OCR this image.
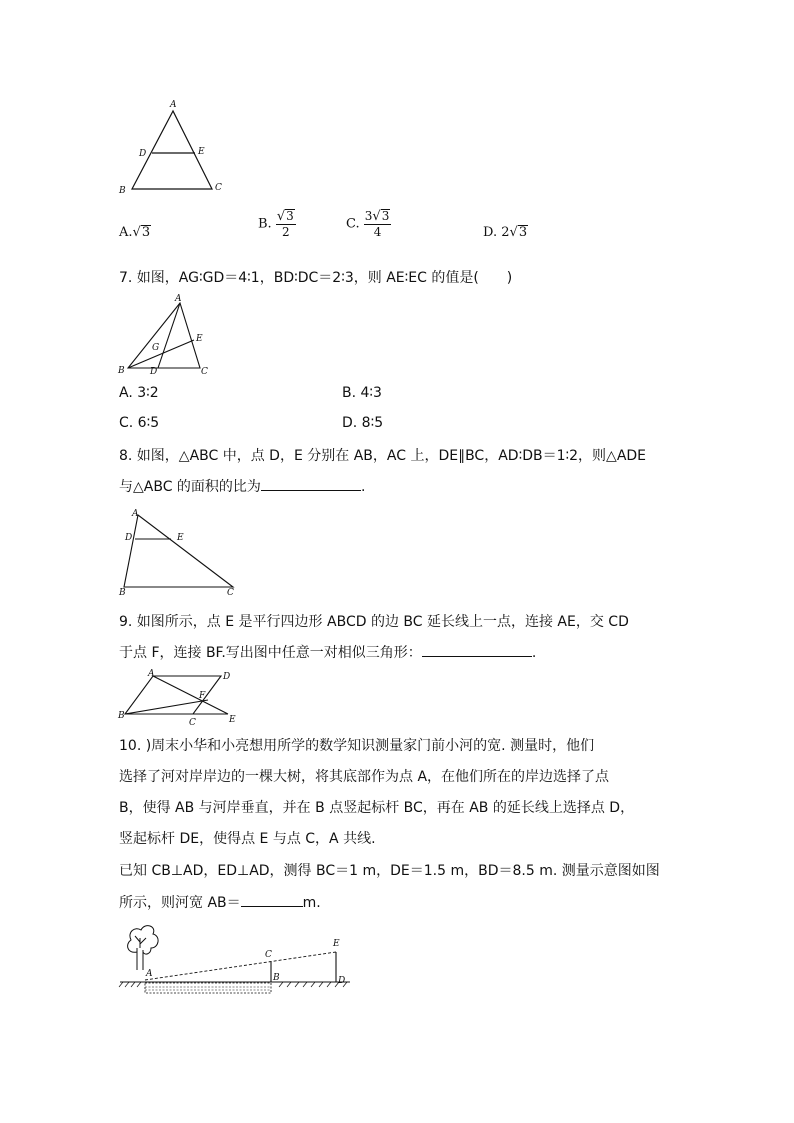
A
D	E
B	C
A.√3
B. $\frac{√3}{2}$	C. $\frac{3√3}{4}$	D. 2√3
7. 如图，AG∶GD＝4∶1，BD∶DC＝2∶3，则 AE∶EC 的值是(　　)
A
E
G
B	D	C
A. 3∶2	B. 4∶3
C. 6∶5	D. 8∶5
8. 如图，△ABC 中，点 D，E 分别在 AB，AC 上，DE∥BC，AD∶DB＝1∶2，则△ADE
与△ABC 的面积的比为	.
A
D	E
B	C
9. 如图所示，点 E 是平行四边形 ABCD 的边 BC 延长线上一点，连接 AE，交 CD
于点 F，连接 BF.写出图中任意一对相似三角形：	.
A	D
F
B
C	E
10. )周末小华和小亮想用所学的数学知识测量家门前小河的宽. 测量时，他们
选择了河对岸岸边的一棵大树，将其底部作为点 A，在他们所在的岸边选择了点
B，使得 AB 与河岸垂直，并在 B 点竖起标杆 BC，再在 AB 的延长线上选择点 D，
竖起标杆 DE，使得点 E 与点 C，A 共线.
已知 CB⊥AD，ED⊥AD，测得 BC＝1 m，DE＝1.5 m，BD＝8.5 m. 测量示意图如图
所示，则河宽 AB＝	m.
A
C
B
E
D
